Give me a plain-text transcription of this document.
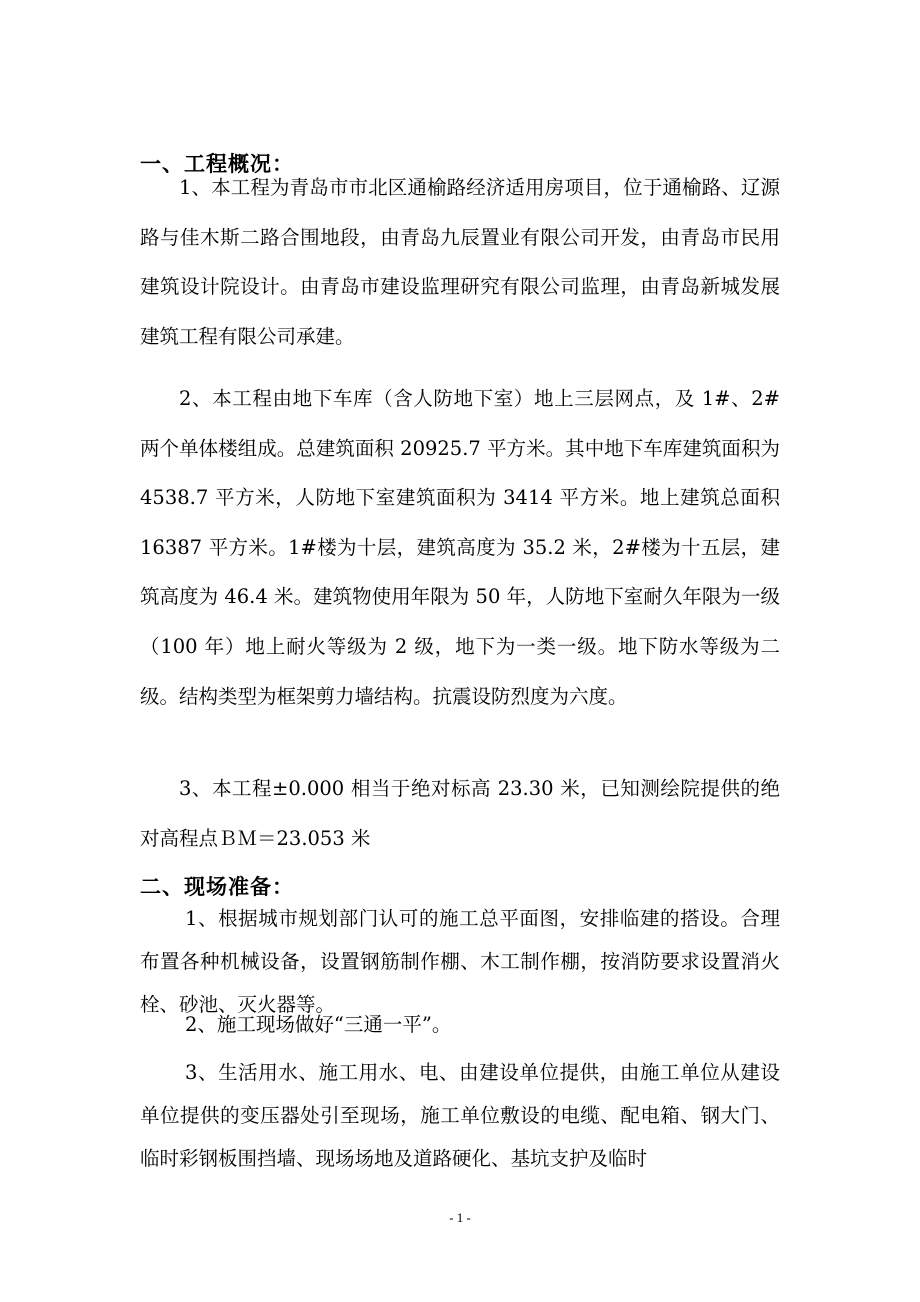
一、工程概况：
1、本工程为青岛市市北区通榆路经济适用房项目，位于通榆路、辽源路与佳木斯二路合围地段，由青岛九辰置业有限公司开发，由青岛市民用建筑设计院设计。由青岛市建设监理研究有限公司监理，由青岛新城发展建筑工程有限公司承建。
2、本工程由地下车库（含人防地下室）地上三层网点，及 1#、2#两个单体楼组成。总建筑面积 20925.7 平方米。其中地下车库建筑面积为 4538.7 平方米，人防地下室建筑面积为 3414 平方米。地上建筑总面积 16387 平方米。1#楼为十层，建筑高度为 35.2 米，2#楼为十五层，建筑高度为 46.4 米。建筑物使用年限为 50 年，人防地下室耐久年限为一级（100 年）地上耐火等级为 2 级，地下为一类一级。地下防水等级为二级。结构类型为框架剪力墙结构。抗震设防烈度为六度。
3、本工程±0.000 相当于绝对标高 23.30 米，已知测绘院提供的绝对高程点ＢＭ＝23.053 米
二、现场准备：
1、根据城市规划部门认可的施工总平面图，安排临建的搭设。合理布置各种机械设备，设置钢筋制作棚、木工制作棚，按消防要求设置消火栓、砂池、灭火器等。
2、施工现场做好“三通一平”。
3、生活用水、施工用水、电、由建设单位提供，由施工单位从建设单位提供的变压器处引至现场，施工单位敷设的电缆、配电箱、钢大门、临时彩钢板围挡墙、现场场地及道路硬化、基坑支护及临时
- 1 -
